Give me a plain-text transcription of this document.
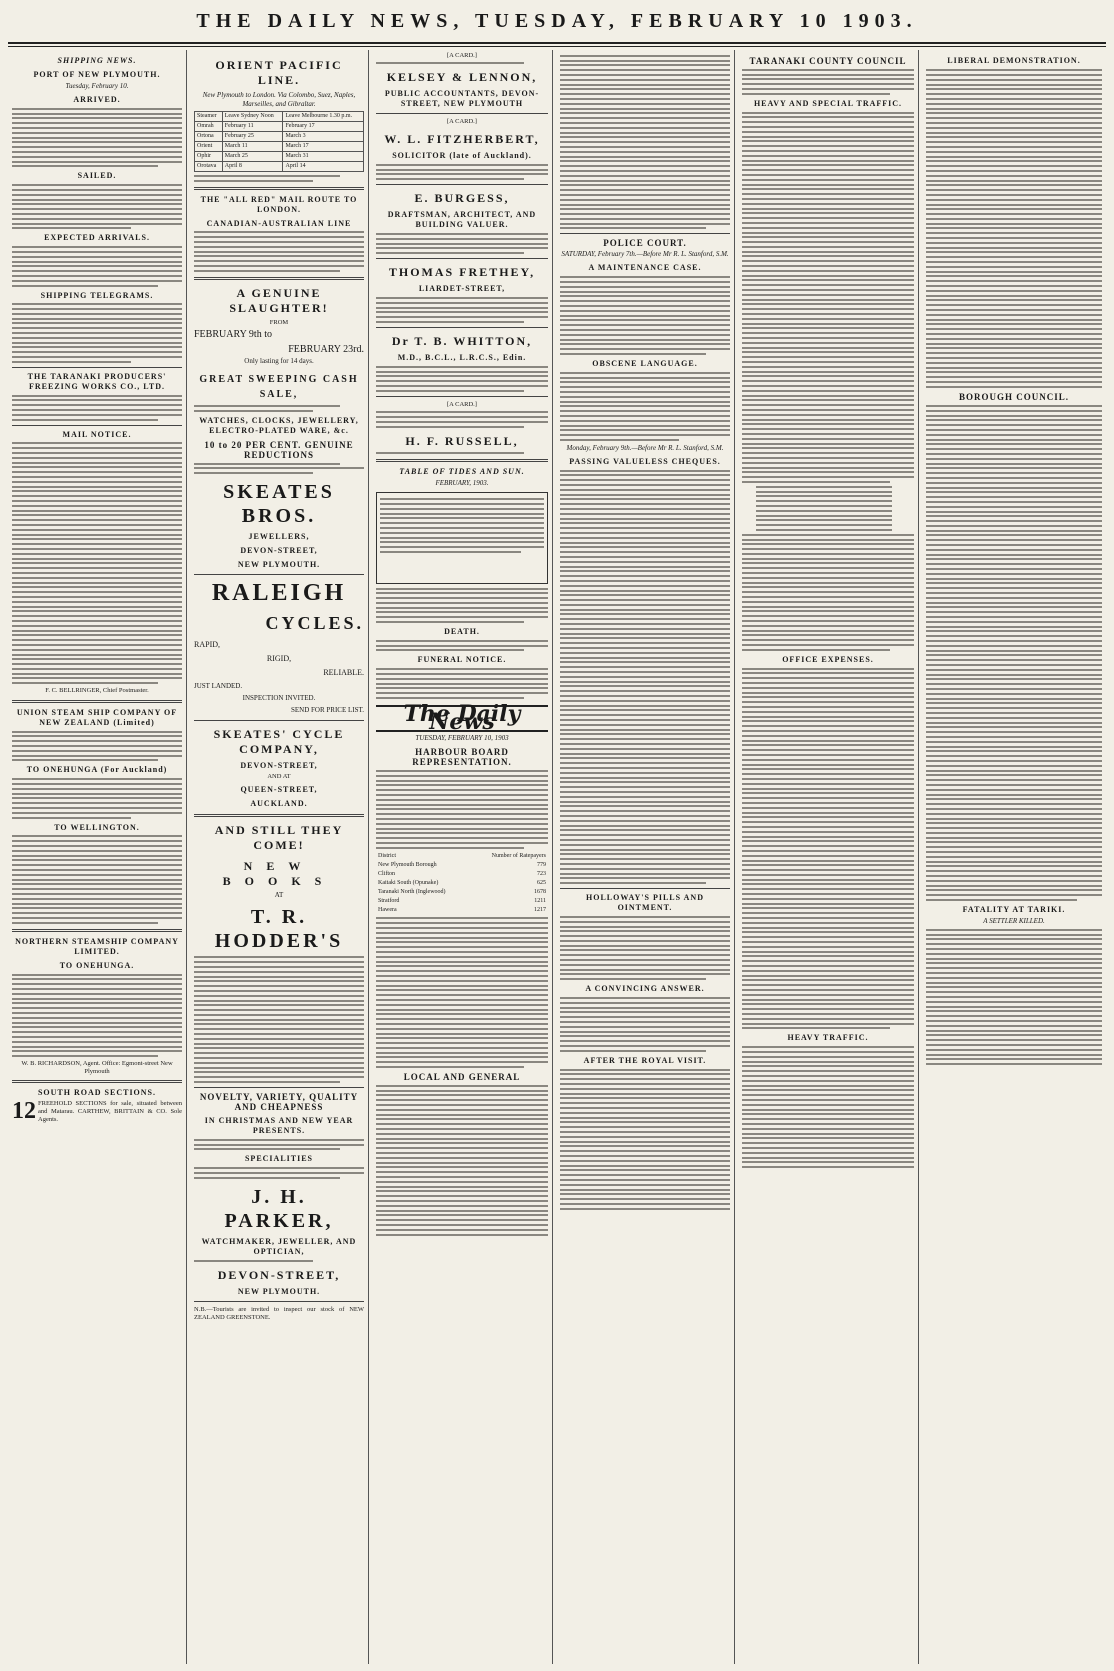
THE DAILY NEWS, TUESDAY, FEBRUARY 10 1903.
SHIPPING NEWS.
PORT OF NEW PLYMOUTH.
Tuesday, February 10.
ARRIVED.
SAILED.
EXPECTED ARRIVALS.
SHIPPING TELEGRAMS.
THE TARANAKI PRODUCERS' FREEZING WORKS CO., LTD.
MAIL NOTICE.
F. C. BELLRINGER, Chief Postmaster.
UNION STEAM SHIP COMPANY OF NEW ZEALAND (Limited)
TO ONEHUNGA (For Auckland)
TO WELLINGTON.
NORTHERN STEAMSHIP COMPANY LIMITED.
TO ONEHUNGA.
W. B. RICHARDSON, Agent. Office: Egmont-street New Plymouth
SOUTH ROAD SECTIONS.
12 FREEHOLD SECTIONS for sale, situated between and Matarau. CARTHEW, BRITTAIN & CO. Sole Agents.
ORIENT PACIFIC LINE.
New Plymouth to London. Via Colombo, Suez, Naples, Marseilles, and Gibraltar.
Steamer	Leave Sydney Noon	Leave Melbourne 1.30 p.m.
Omrah	February 11	February 17
Ortona	February 25	March 3
Orient	March 11	March 17
Ophir	March 25	March 31
Orotava	April 8	April 14
THE "ALL RED" MAIL ROUTE TO LONDON.
CANADIAN-AUSTRALIAN LINE
A GENUINE SLAUGHTER!
FROM
FEBRUARY 9th to
FEBRUARY 23rd.
Only lasting for 14 days.
GREAT SWEEPING CASH SALE,
WATCHES, CLOCKS, JEWELLERY, ELECTRO-PLATED WARE, &c.
10 to 20 PER CENT. GENUINE REDUCTIONS
SKEATES BROS.
JEWELLERS,
DEVON-STREET,
NEW PLYMOUTH.
RALEIGH
CYCLES.
RAPID,
RIGID,
RELIABLE.
JUST LANDED.
INSPECTION INVITED.
SEND FOR PRICE LIST.
SKEATES' CYCLE COMPANY,
DEVON-STREET,
AND AT
QUEEN-STREET,
AUCKLAND.
AND STILL THEY COME!
NEW BOOKS
AT
T. R. HODDER'S
NOVELTY, VARIETY, QUALITY AND CHEAPNESS
IN CHRISTMAS AND NEW YEAR PRESENTS.
SPECIALITIES
J. H. PARKER,
WATCHMAKER, JEWELLER, AND OPTICIAN,
DEVON-STREET,
NEW PLYMOUTH.
N.B.—Tourists are invited to inspect our stock of NEW ZEALAND GREENSTONE.
[A CARD.]
KELSEY & LENNON,
PUBLIC ACCOUNTANTS, DEVON-STREET, NEW PLYMOUTH
[A CARD.]
W. L. FITZHERBERT,
SOLICITOR (late of Auckland).
E. BURGESS,
DRAFTSMAN, ARCHITECT, AND BUILDING VALUER.
THOMAS FRETHEY,
LIARDET-STREET,
Dr T. B. WHITTON,
M.D., B.C.L., L.R.C.S., Edin.
[A CARD.]
H. F. RUSSELL,
TABLE OF TIDES AND SUN.
FEBRUARY, 1903.
DEATH.
FUNERAL NOTICE.
The Daily News
TUESDAY, FEBRUARY 10, 1903
HARBOUR BOARD REPRESENTATION.
District	Number of Ratepayers
New Plymouth Borough	779
Clifton	723
Kaitaki South (Opunake)	625
Taranaki North (Inglewood)	1678
Stratford	1211
Hawera	1217
LOCAL AND GENERAL
POLICE COURT.
SATURDAY, February 7th.—Before Mr R. L. Stanford, S.M.
A MAINTENANCE CASE.
OBSCENE LANGUAGE.
Monday, February 9th.—Before Mr R. L. Stanford, S.M.
PASSING VALUELESS CHEQUES.
HOLLOWAY'S PILLS AND OINTMENT.
A CONVINCING ANSWER.
AFTER THE ROYAL VISIT.
TARANAKI COUNTY COUNCIL
HEAVY AND SPECIAL TRAFFIC.
OFFICE EXPENSES.
HEAVY TRAFFIC.
FATALITY AT TARIKI.
A SETTLER KILLED.
LIBERAL DEMONSTRATION.
BOROUGH COUNCIL.
